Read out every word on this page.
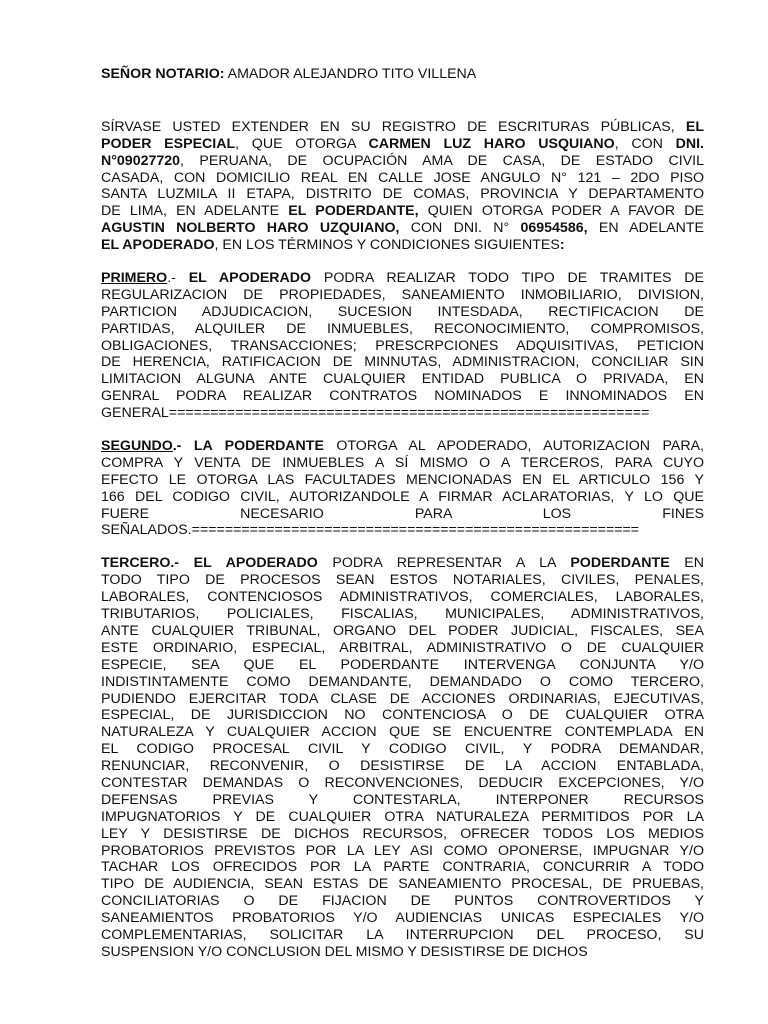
SEÑOR NOTARIO: AMADOR ALEJANDRO TITO VILLENA
SÍRVASE USTED EXTENDER EN SU REGISTRO DE ESCRITURAS PÚBLICAS, EL
PODER ESPECIAL, QUE OTORGA CARMEN LUZ HARO USQUIANO, CON DNI.
N°09027720, PERUANA, DE OCUPACIÓN AMA DE CASA, DE ESTADO CIVIL
CASADA, CON DOMICILIO REAL EN CALLE JOSE ANGULO N° 121 – 2DO PISO
SANTA LUZMILA II ETAPA, DISTRITO DE COMAS, PROVINCIA Y DEPARTAMENTO
DE LIMA, EN ADELANTE EL PODERDANTE, QUIEN OTORGA PODER A FAVOR DE
AGUSTIN NOLBERTO HARO UZQUIANO, CON DNI. N° 06954586, EN ADELANTE
EL APODERADO, EN LOS TÉRMINOS Y CONDICIONES SIGUIENTES:
PRIMERO.- EL APODERADO PODRA REALIZAR TODO TIPO DE TRAMITES DE
REGULARIZACION DE PROPIEDADES, SANEAMIENTO INMOBILIARIO, DIVISION,
PARTICION ADJUDICACION, SUCESION INTESDADA, RECTIFICACION DE
PARTIDAS, ALQUILER DE INMUEBLES, RECONOCIMIENTO, COMPROMISOS,
OBLIGACIONES, TRANSACCIONES; PRESCRPCIONES ADQUISITIVAS, PETICION
DE HERENCIA, RATIFICACION DE MINNUTAS, ADMINISTRACION, CONCILIAR SIN
LIMITACION ALGUNA ANTE CUALQUIER ENTIDAD PUBLICA O PRIVADA, EN
GENRAL PODRA REALIZAR CONTRATOS NOMINADOS E INNOMINADOS EN
GENERAL==========================================================
SEGUNDO.- LA PODERDANTE OTORGA AL APODERADO, AUTORIZACION PARA,
COMPRA Y VENTA DE INMUEBLES A SÍ MISMO O A TERCEROS, PARA CUYO
EFECTO LE OTORGA LAS FACULTADES MENCIONADAS EN EL ARTICULO 156 Y
166 DEL CODIGO CIVIL, AUTORIZANDOLE A FIRMAR ACLARATORIAS, Y LO QUE
FUERE NECESARIO PARA LOS FINES
SEÑALADOS.======================================================
TERCERO.- EL APODERADO PODRA REPRESENTAR A LA PODERDANTE EN
TODO TIPO DE PROCESOS SEAN ESTOS NOTARIALES, CIVILES, PENALES,
LABORALES, CONTENCIOSOS ADMINISTRATIVOS, COMERCIALES, LABORALES,
TRIBUTARIOS, POLICIALES, FISCALIAS, MUNICIPALES, ADMINISTRATIVOS,
ANTE CUALQUIER TRIBUNAL, ORGANO DEL PODER JUDICIAL, FISCALES, SEA
ESTE ORDINARIO, ESPECIAL, ARBITRAL, ADMINISTRATIVO O DE CUALQUIER
ESPECIE, SEA QUE EL PODERDANTE INTERVENGA CONJUNTA Y/O
INDISTINTAMENTE COMO DEMANDANTE, DEMANDADO O COMO TERCERO,
PUDIENDO EJERCITAR TODA CLASE DE ACCIONES ORDINARIAS, EJECUTIVAS,
ESPECIAL, DE JURISDICCION NO CONTENCIOSA O DE CUALQUIER OTRA
NATURALEZA Y CUALQUIER ACCION QUE SE ENCUENTRE CONTEMPLADA EN
EL CODIGO PROCESAL CIVIL Y CODIGO CIVIL, Y PODRA DEMANDAR,
RENUNCIAR, RECONVENIR, O DESISTIRSE DE LA ACCION ENTABLADA,
CONTESTAR DEMANDAS O RECONVENCIONES, DEDUCIR EXCEPCIONES, Y/O
DEFENSAS PREVIAS Y CONTESTARLA, INTERPONER RECURSOS
IMPUGNATORIOS Y DE CUALQUIER OTRA NATURALEZA PERMITIDOS POR LA
LEY Y DESISTIRSE DE DICHOS RECURSOS, OFRECER TODOS LOS MEDIOS
PROBATORIOS PREVISTOS POR LA LEY ASI COMO OPONERSE, IMPUGNAR Y/O
TACHAR LOS OFRECIDOS POR LA PARTE CONTRARIA, CONCURRIR A TODO
TIPO DE AUDIENCIA, SEAN ESTAS DE SANEAMIENTO PROCESAL, DE PRUEBAS,
CONCILIATORIAS O DE FIJACION DE PUNTOS CONTROVERTIDOS Y
SANEAMIENTOS PROBATORIOS Y/O AUDIENCIAS UNICAS ESPECIALES Y/O
COMPLEMENTARIAS, SOLICITAR LA INTERRUPCION DEL PROCESO, SU
SUSPENSION Y/O CONCLUSION DEL MISMO Y DESISTIRSE DE DICHOS
